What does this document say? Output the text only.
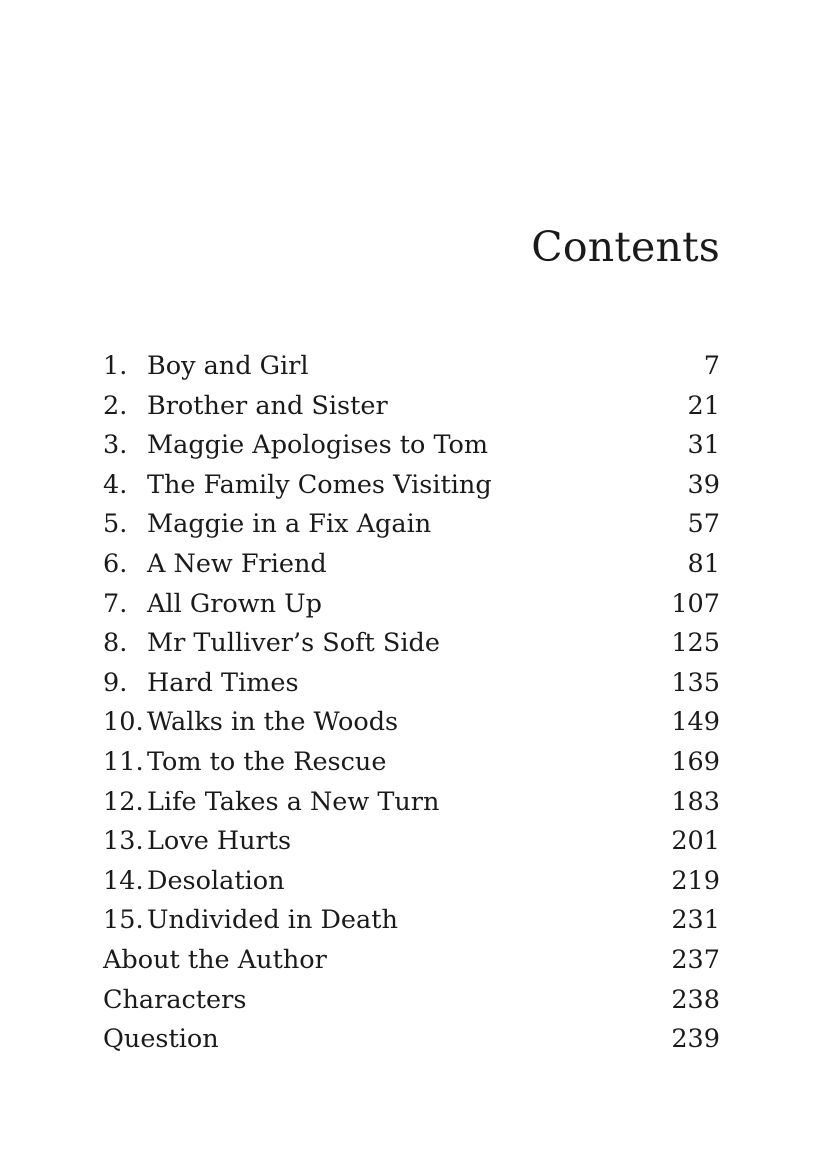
Contents
1. Boy and Girl	7
2. Brother and Sister	21
3. Maggie Apologises to Tom	31
4. The Family Comes Visiting	39
5. Maggie in a Fix Again	57
6. A New Friend	81
7. All Grown Up	107
8. Mr Tulliver’s Soft Side	125
9. Hard Times	135
10. Walks in the Woods	149
11. Tom to the Rescue	169
12. Life Takes a New Turn	183
13. Love Hurts	201
14. Desolation	219
15. Undivided in Death	231
About the Author	237
Characters	238
Question	239
